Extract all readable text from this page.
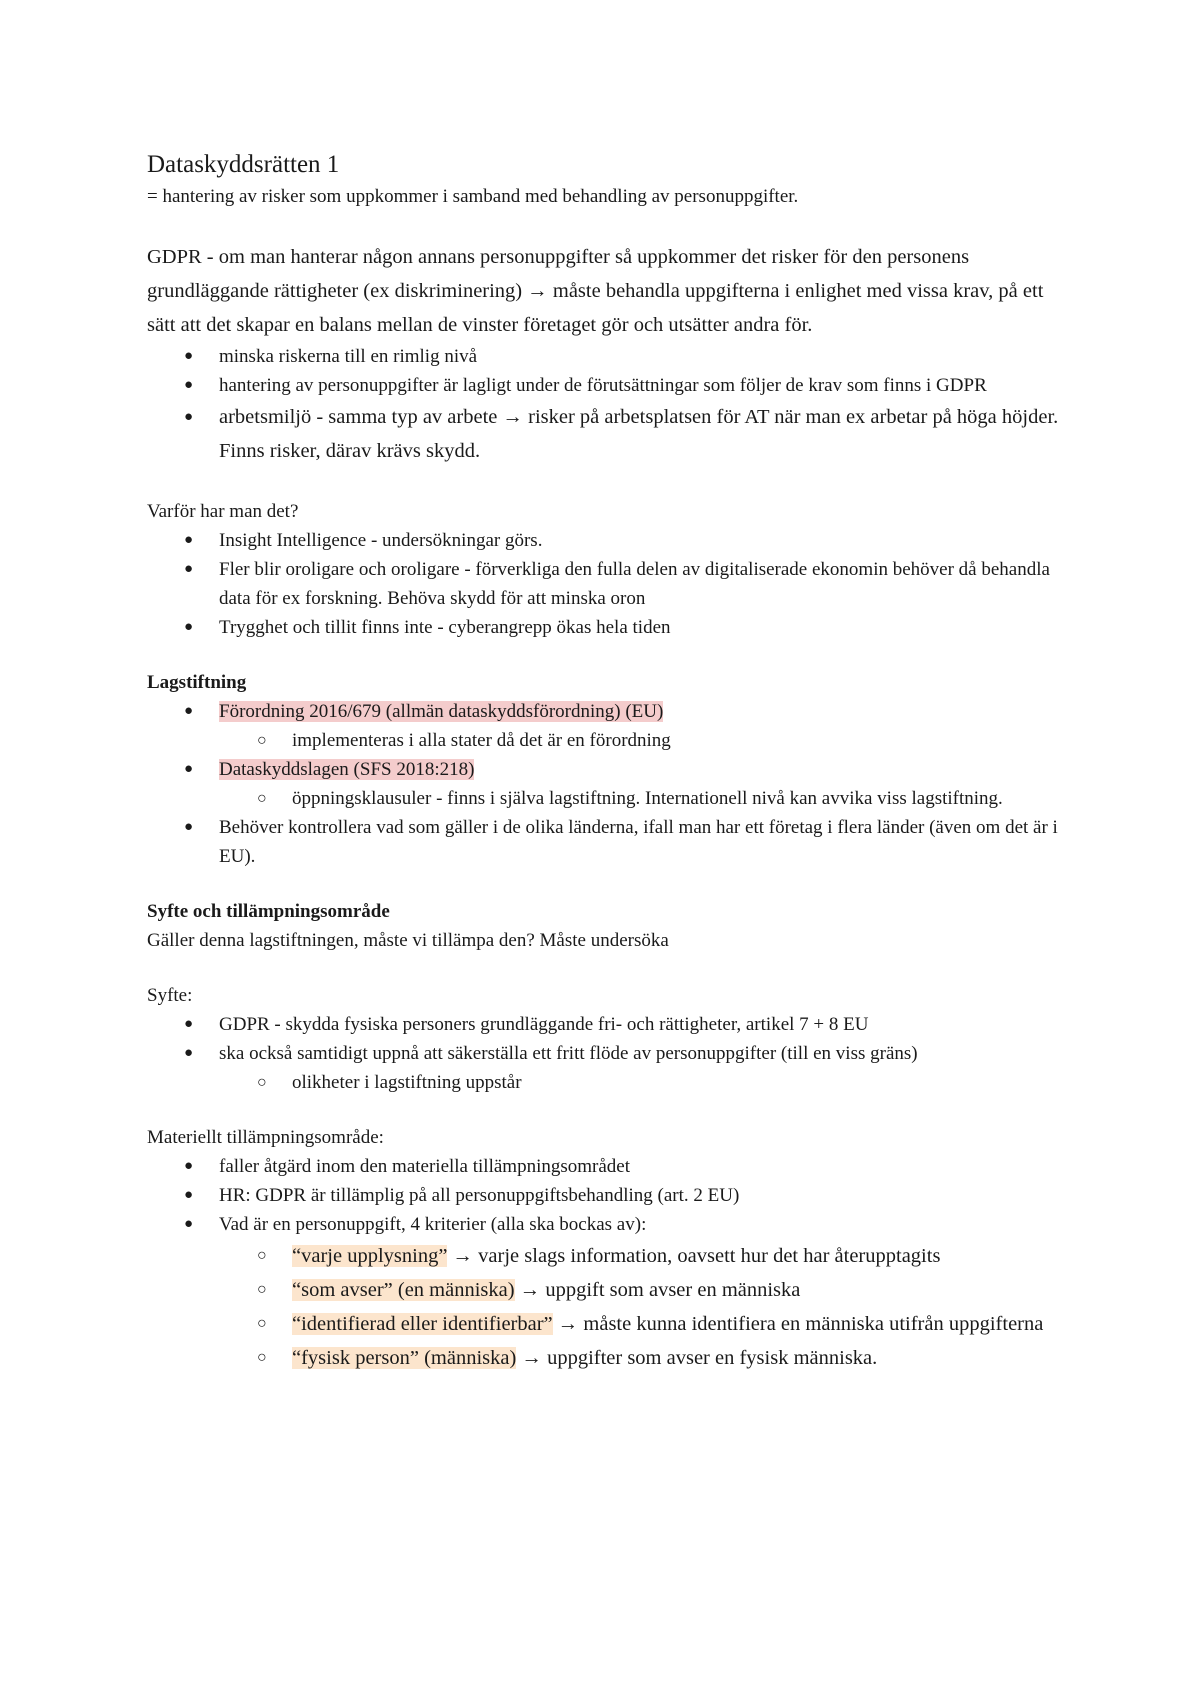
Dataskyddsrätten 1

= hantering av risker som uppkommer i samband med behandling av personuppgifter.

GDPR - om man hanterar någon annans personuppgifter så uppkommer det risker för den personens grundläggande rättigheter (ex diskriminering) → måste behandla uppgifterna i enlighet med vissa krav, på ett sätt att det skapar en balans mellan de vinster företaget gör och utsätter andra för.

● minska riskerna till en rimlig nivå
● hantering av personuppgifter är lagligt under de förutsättningar som följer de krav som finns i GDPR
● arbetsmiljö - samma typ av arbete → risker på arbetsplatsen för AT när man ex arbetar på höga höjder. Finns risker, därav krävs skydd.

Varför har man det?

● Insight Intelligence - undersökningar görs.
● Fler blir oroligare och oroligare - förverkliga den fulla delen av digitaliserade ekonomin behöver då behandla data för ex forskning. Behöva skydd för att minska oron
● Trygghet och tillit finns inte - cyberangrepp ökas hela tiden

Lagstiftning

● Förordning 2016/679 (allmän dataskyddsförordning) (EU)
○ implementeras i alla stater då det är en förordning
● Dataskyddslagen (SFS 2018:218)
○ öppningsklausuler - finns i själva lagstiftning. Internationell nivå kan avvika viss lagstiftning.
● Behöver kontrollera vad som gäller i de olika länderna, ifall man har ett företag i flera länder (även om det är i EU).

Syfte och tillämpningsområde

Gäller denna lagstiftningen, måste vi tillämpa den? Måste undersöka

Syfte:

● GDPR - skydda fysiska personers grundläggande fri- och rättigheter, artikel 7 + 8 EU
● ska också samtidigt uppnå att säkerställa ett fritt flöde av personuppgifter (till en viss gräns)
○ olikheter i lagstiftning uppstår

Materiellt tillämpningsområde:

● faller åtgärd inom den materiella tillämpningsområdet
● HR: GDPR är tillämplig på all personuppgiftsbehandling (art. 2 EU)
● Vad är en personuppgift, 4 kriterier (alla ska bockas av):
○ “varje upplysning” → varje slags information, oavsett hur det har återupptagits
○ “som avser” (en människa) → uppgift som avser en människa
○ “identifierad eller identifierbar” → måste kunna identifiera en människa utifrån uppgifterna
○ “fysisk person” (människa) → uppgifter som avser en fysisk människa.
